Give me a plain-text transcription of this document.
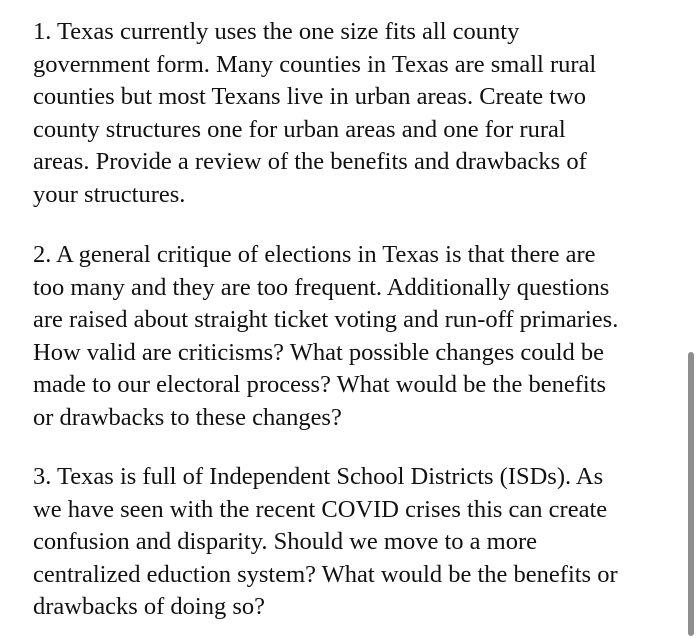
1. Texas currently uses the one size fits all county
government form. Many counties in Texas are small rural
counties but most Texans live in urban areas. Create two
county structures one for urban areas and one for rural
areas. Provide a review of the benefits and drawbacks of
your structures.

2. A general critique of elections in Texas is that there are
too many and they are too frequent. Additionally questions
are raised about straight ticket voting and run-off primaries.
How valid are criticisms? What possible changes could be
made to our electoral process? What would be the benefits
or drawbacks to these changes?

3. Texas is full of Independent School Districts (ISDs). As
we have seen with the recent COVID crises this can create
confusion and disparity. Should we move to a more
centralized eduction system? What would be the benefits or
drawbacks of doing so?
